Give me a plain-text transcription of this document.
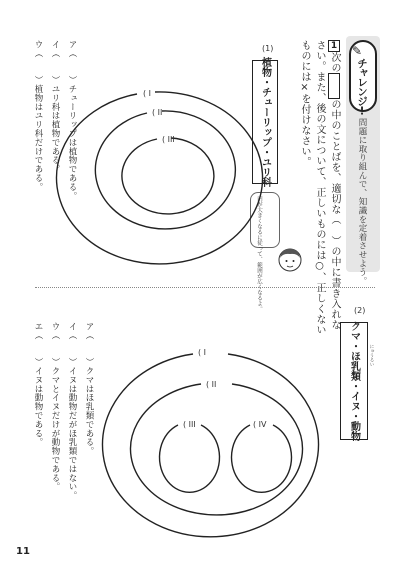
✎
チャレンジ!
問題に取り組んで、知識を定着させよう。
1次のの中のことばを、適切な（　）の中に書き入れな
さい。また、後の文について、正しいものには○、正しくない
ものには×を付けなさい。
(1)
植物・チューリップ・ユリ科
円が大きくなるに従って、範囲が広くなるよ。
( I
( II
( III
ア（　　）チューリップは植物である。
イ（　　）ユリ科は植物である。
ウ（　　）植物はユリ科だけである。
(2)
クマ・ほ乳類・イヌ・動物	にゅうるい
( I
( II
( III	( IV
ア（　　）クマはほ乳類である。
イ（　　）イヌは動物だがほ乳類ではない。
ウ（　　）クマとイヌだけが動物である。
エ（　　）イヌは動物である。
11
